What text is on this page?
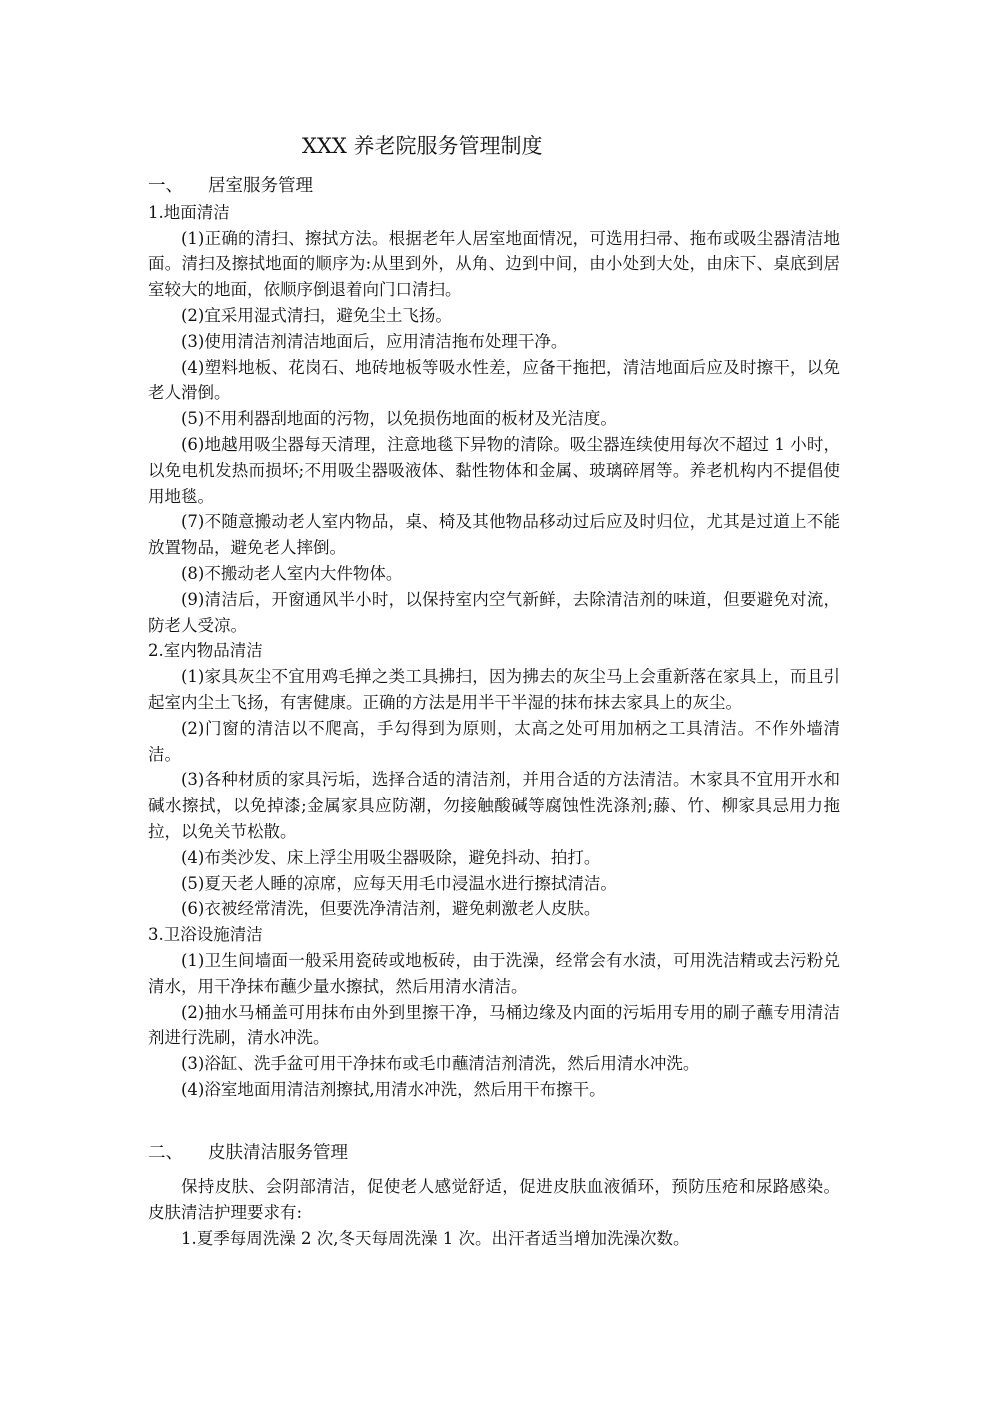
XXX 养老院服务管理制度

一、 居室服务管理

1.地面清洁

(1)正确的清扫、擦拭方法。根据老年人居室地面情况，可选用扫帚、拖布或吸尘器清洁地面。清扫及擦拭地面的顺序为:从里到外，从角、边到中间，由小处到大处，由床下、桌底到居室较大的地面，依顺序倒退着向门口清扫。

(2)宜采用湿式清扫，避免尘土飞扬。

(3)使用清洁剂清洁地面后，应用清洁拖布处理干净。

(4)塑料地板、花岗石、地砖地板等吸水性差，应备干拖把，清洁地面后应及时擦干，以免老人滑倒。

(5)不用利器刮地面的污物，以免损伤地面的板材及光洁度。

(6)地越用吸尘器每天清理，注意地毯下异物的清除。吸尘器连续使用每次不超过 1 小时，以免电机发热而损坏;不用吸尘器吸液体、黏性物体和金属、玻璃碎屑等。养老机构内不提倡使用地毯。

(7)不随意搬动老人室内物品，桌、椅及其他物品移动过后应及时归位，尤其是过道上不能放置物品，避免老人摔倒。

(8)不搬动老人室内大件物体。

(9)清洁后，开窗通风半小时，以保持室内空气新鲜，去除清洁剂的味道，但要避免对流，防老人受凉。

2.室内物品清洁

(1)家具灰尘不宜用鸡毛掸之类工具拂扫，因为拂去的灰尘马上会重新落在家具上，而且引起室内尘土飞扬，有害健康。正确的方法是用半干半湿的抹布抹去家具上的灰尘。

(2)门窗的清洁以不爬高，手勾得到为原则，太高之处可用加柄之工具清洁。不作外墙清洁。

(3)各种材质的家具污垢，选择合适的清洁剂，并用合适的方法清洁。木家具不宜用开水和碱水擦拭，以免掉漆;金属家具应防潮，勿接触酸碱等腐蚀性洗涤剂;藤、竹、柳家具忌用力拖拉，以免关节松散。

(4)布类沙发、床上浮尘用吸尘器吸除，避免抖动、拍打。

(5)夏天老人睡的凉席，应每天用毛巾浸温水进行擦拭清洁。

(6)衣被经常清洗，但要洗净清洁剂，避免刺激老人皮肤。

3.卫浴设施清洁

(1)卫生间墙面一般采用瓷砖或地板砖，由于洗澡，经常会有水渍，可用洗洁精或去污粉兑清水，用干净抹布蘸少量水擦拭，然后用清水清洁。

(2)抽水马桶盖可用抹布由外到里擦干净，马桶边缘及内面的污垢用专用的刷子蘸专用清洁剂进行洗刷，清水冲洗。

(3)浴缸、洗手盆可用干净抹布或毛巾蘸清洁剂清洗，然后用清水冲洗。

(4)浴室地面用清洁剂擦拭,用清水冲洗，然后用干布擦干。

二、 皮肤清洁服务管理

保持皮肤、会阴部清洁，促使老人感觉舒适，促进皮肤血液循环，预防压疮和尿路感染。皮肤清洁护理要求有:

1.夏季每周洗澡 2 次,冬天每周洗澡 1 次。出汗者适当增加洗澡次数。
